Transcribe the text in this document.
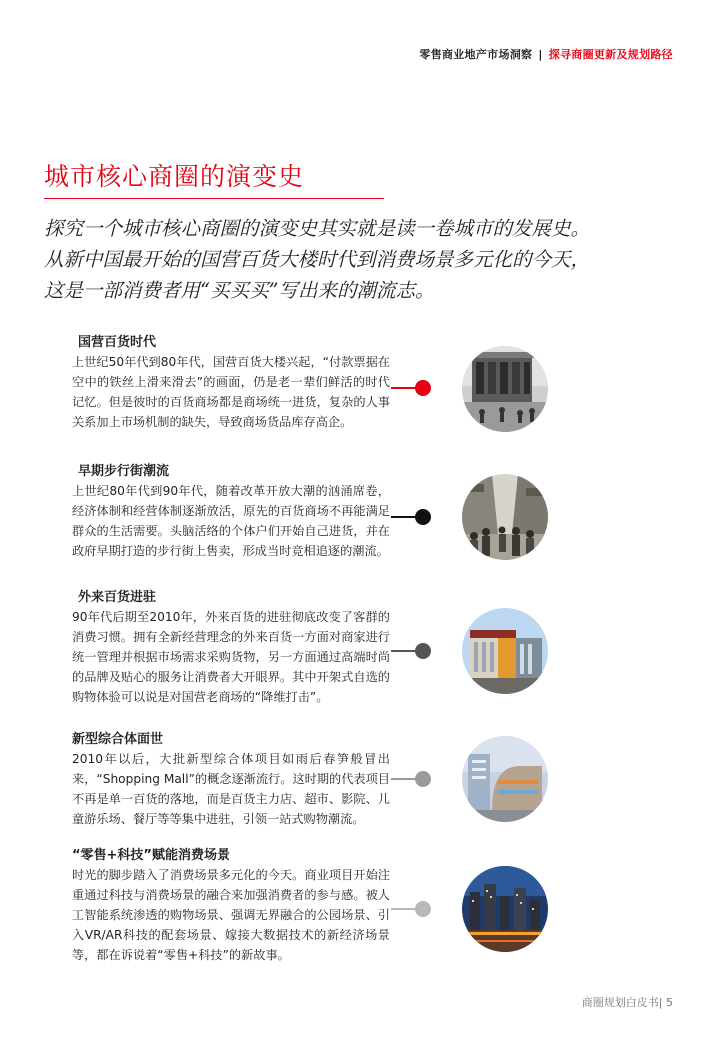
零售商业地产市场洞察 | 探寻商圈更新及规划路径
城市核心商圈的演变史
探究一个城市核心商圈的演变史其实就是读一卷城市的发展史。
从新中国最开始的国营百货大楼时代到消费场景多元化的今天，
这是一部消费者用“买买买”写出来的潮流志。
国营百货时代
上世纪50年代到80年代，国营百货大楼兴起，“付款票据在空中的铁丝上滑来滑去”的画面，仍是老一辈们鲜活的时代记忆。但是彼时的百货商场都是商场统一进货，复杂的人事关系加上市场机制的缺失，导致商场货品库存高企。
早期步行街潮流
上世纪80年代到90年代，随着改革开放大潮的汹涌席卷，经济体制和经营体制逐渐放活，原先的百货商场不再能满足群众的生活需要。头脑活络的个体户们开始自己进货，并在政府早期打造的步行街上售卖，形成当时竞相追逐的潮流。
外来百货进驻
90年代后期至2010年，外来百货的进驻彻底改变了客群的消费习惯。拥有全新经营理念的外来百货一方面对商家进行统一管理并根据市场需求采购货物，另一方面通过高端时尚的品牌及贴心的服务让消费者大开眼界。其中开架式自选的购物体验可以说是对国营老商场的“降维打击”。
新型综合体面世
2010年以后，大批新型综合体项目如雨后春笋般冒出来，“Shopping Mall”的概念逐渐流行。这时期的代表项目不再是单一百货的落地，而是百货主力店、超市、影院、儿童游乐场、餐厅等等集中进驻，引领一站式购物潮流。
“零售+科技”赋能消费场景
时光的脚步踏入了消费场景多元化的今天。商业项目开始注重通过科技与消费场景的融合来加强消费者的参与感。被人工智能系统渗透的购物场景、强调无界融合的公园场景、引入VR/AR科技的配套场景、嫁接大数据技术的新经济场景等，都在诉说着“零售+科技”的新故事。
商圈规划白皮书| 5
